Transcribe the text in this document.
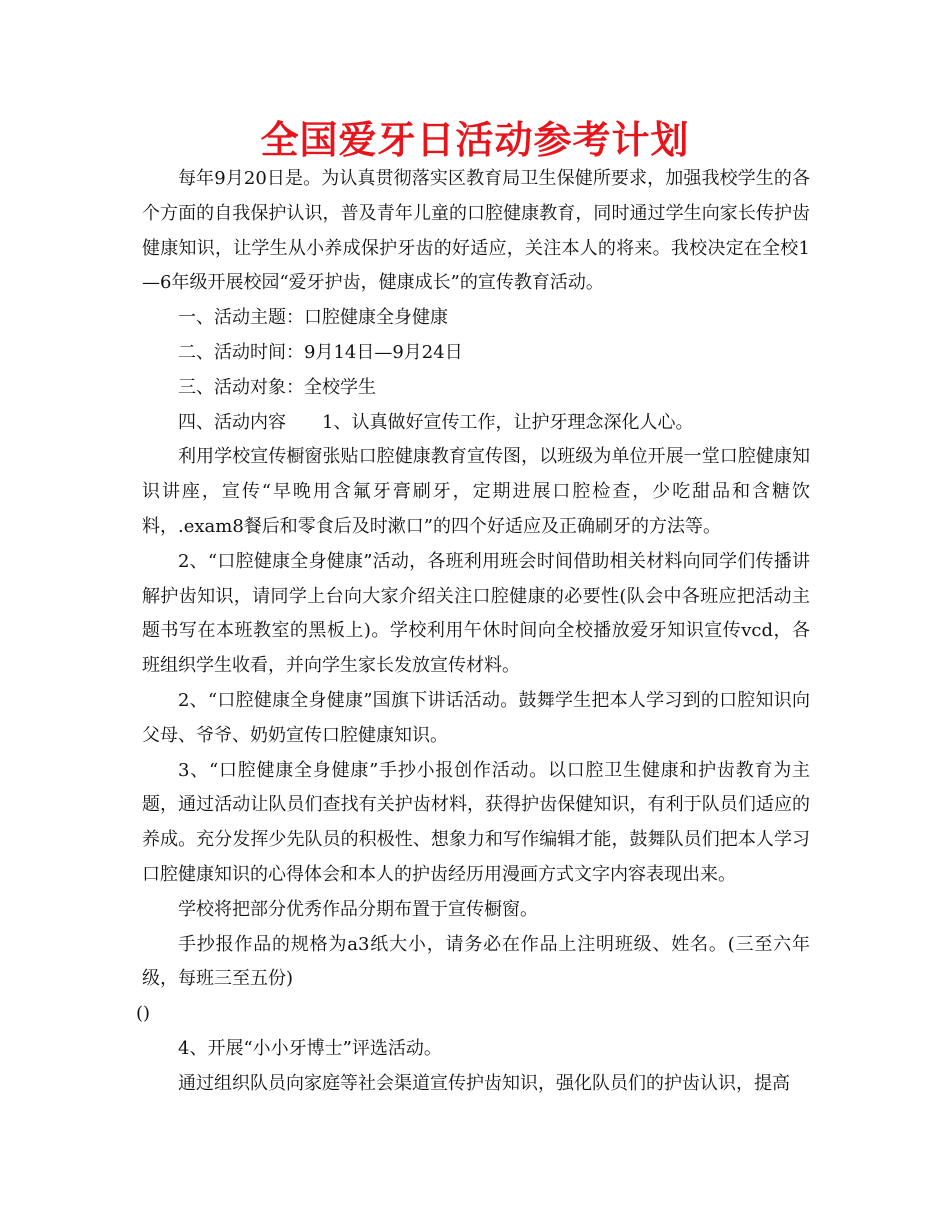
全国爱牙日活动参考计划

每年9月20日是。为认真贯彻落实区教育局卫生保健所要求，加强我校学生的各个方面的自我保护认识，普及青年儿童的口腔健康教育，同时通过学生向家长传护齿健康知识，让学生从小养成保护牙齿的好适应，关注本人的将来。我校决定在全校1—6年级开展校园“爱牙护齿，健康成长”的宣传教育活动。

一、活动主题：口腔健康全身健康

二、活动时间：9月14日—9月24日

三、活动对象：全校学生

四、活动内容　　1、认真做好宣传工作，让护牙理念深化人心。

利用学校宣传橱窗张贴口腔健康教育宣传图，以班级为单位开展一堂口腔健康知识讲座，宣传“早晚用含氟牙膏刷牙，定期进展口腔检查，少吃甜品和含糖饮料，.exam8餐后和零食后及时漱口”的四个好适应及正确刷牙的方法等。

2、“口腔健康全身健康”活动，各班利用班会时间借助相关材料向同学们传播讲解护齿知识，请同学上台向大家介绍关注口腔健康的必要性(队会中各班应把活动主题书写在本班教室的黑板上)。学校利用午休时间向全校播放爱牙知识宣传vcd，各班组织学生收看，并向学生家长发放宣传材料。

2、“口腔健康全身健康”国旗下讲话活动。鼓舞学生把本人学习到的口腔知识向父母、爷爷、奶奶宣传口腔健康知识。

3、“口腔健康全身健康”手抄小报创作活动。以口腔卫生健康和护齿教育为主题，通过活动让队员们查找有关护齿材料，获得护齿保健知识，有利于队员们适应的养成。充分发挥少先队员的积极性、想象力和写作编辑才能，鼓舞队员们把本人学习口腔健康知识的心得体会和本人的护齿经历用漫画方式文字内容表现出来。

学校将把部分优秀作品分期布置于宣传橱窗。

手抄报作品的规格为a3纸大小，请务必在作品上注明班级、姓名。(三至六年级，每班三至五份)

()

4、开展“小小牙博士”评选活动。

通过组织队员向家庭等社会渠道宣传护齿知识，强化队员们的护齿认识，提高
